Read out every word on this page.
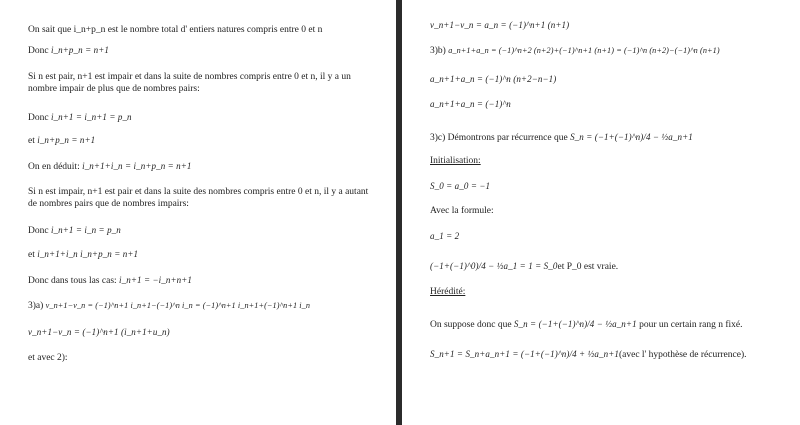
On sait que i_n+p_n est le nombre total d' entiers natures compris entre 0 et n
Donc i_n+p_n = n+1
Si n est pair, n+1 est impair et dans la suite de nombres compris entre 0 et n, il y a un nombre impair de plus que de nombres pairs:
Donc i_n+1 = i_n+1 = p_n
et i_n+p_n = n+1
On en déduit: i_n+1+i_n = i_n+p_n = n+1
Si n est impair, n+1 est pair et dans la suite des nombres compris entre 0 et n, il y a autant de nombres pairs que de nombres impairs:
Donc i_n+1 = i_n = p_n
et i_n+1+i_n i_n+p_n = n+1
Donc dans tous las cas: i_n+1 = −i_n+n+1
3)a) v_n+1−v_n = (−1)^n+1 i_n+1−(−1)^n i_n = (−1)^n+1 i_n+1+(−1)^n+1 i_n
v_n+1−v_n = (−1)^n+1 (i_n+1+u_n)
et avec 2):
v_n+1−v_n = a_n = (−1)^n+1 (n+1)
3)b) a_n+1+a_n = (−1)^n+2 (n+2)+(−1)^n+1 (n+1) = (−1)^n (n+2)−(−1)^n (n+1)
a_n+1+a_n = (−1)^n (n+2−n−1)
a_n+1+a_n = (−1)^n
3)c) Démontrons par récurrence que S_n = (−1+(−1)^n)/4 − ½a_n+1
Initialisation:
S_0 = a_0 = −1
Avec la formule:
a_1 = 2
(−1+(−1)^0)/4 − ½a_1 = 1 = S_0et P_0 est vraie.
Hérédité:
On suppose donc que S_n = (−1+(−1)^n)/4 − ½a_n+1 pour un certain rang n fixé.
S_n+1 = S_n+a_n+1 = (−1+(−1)^n)/4 + ½a_n+1(avec l' hypothèse de récurrence).
